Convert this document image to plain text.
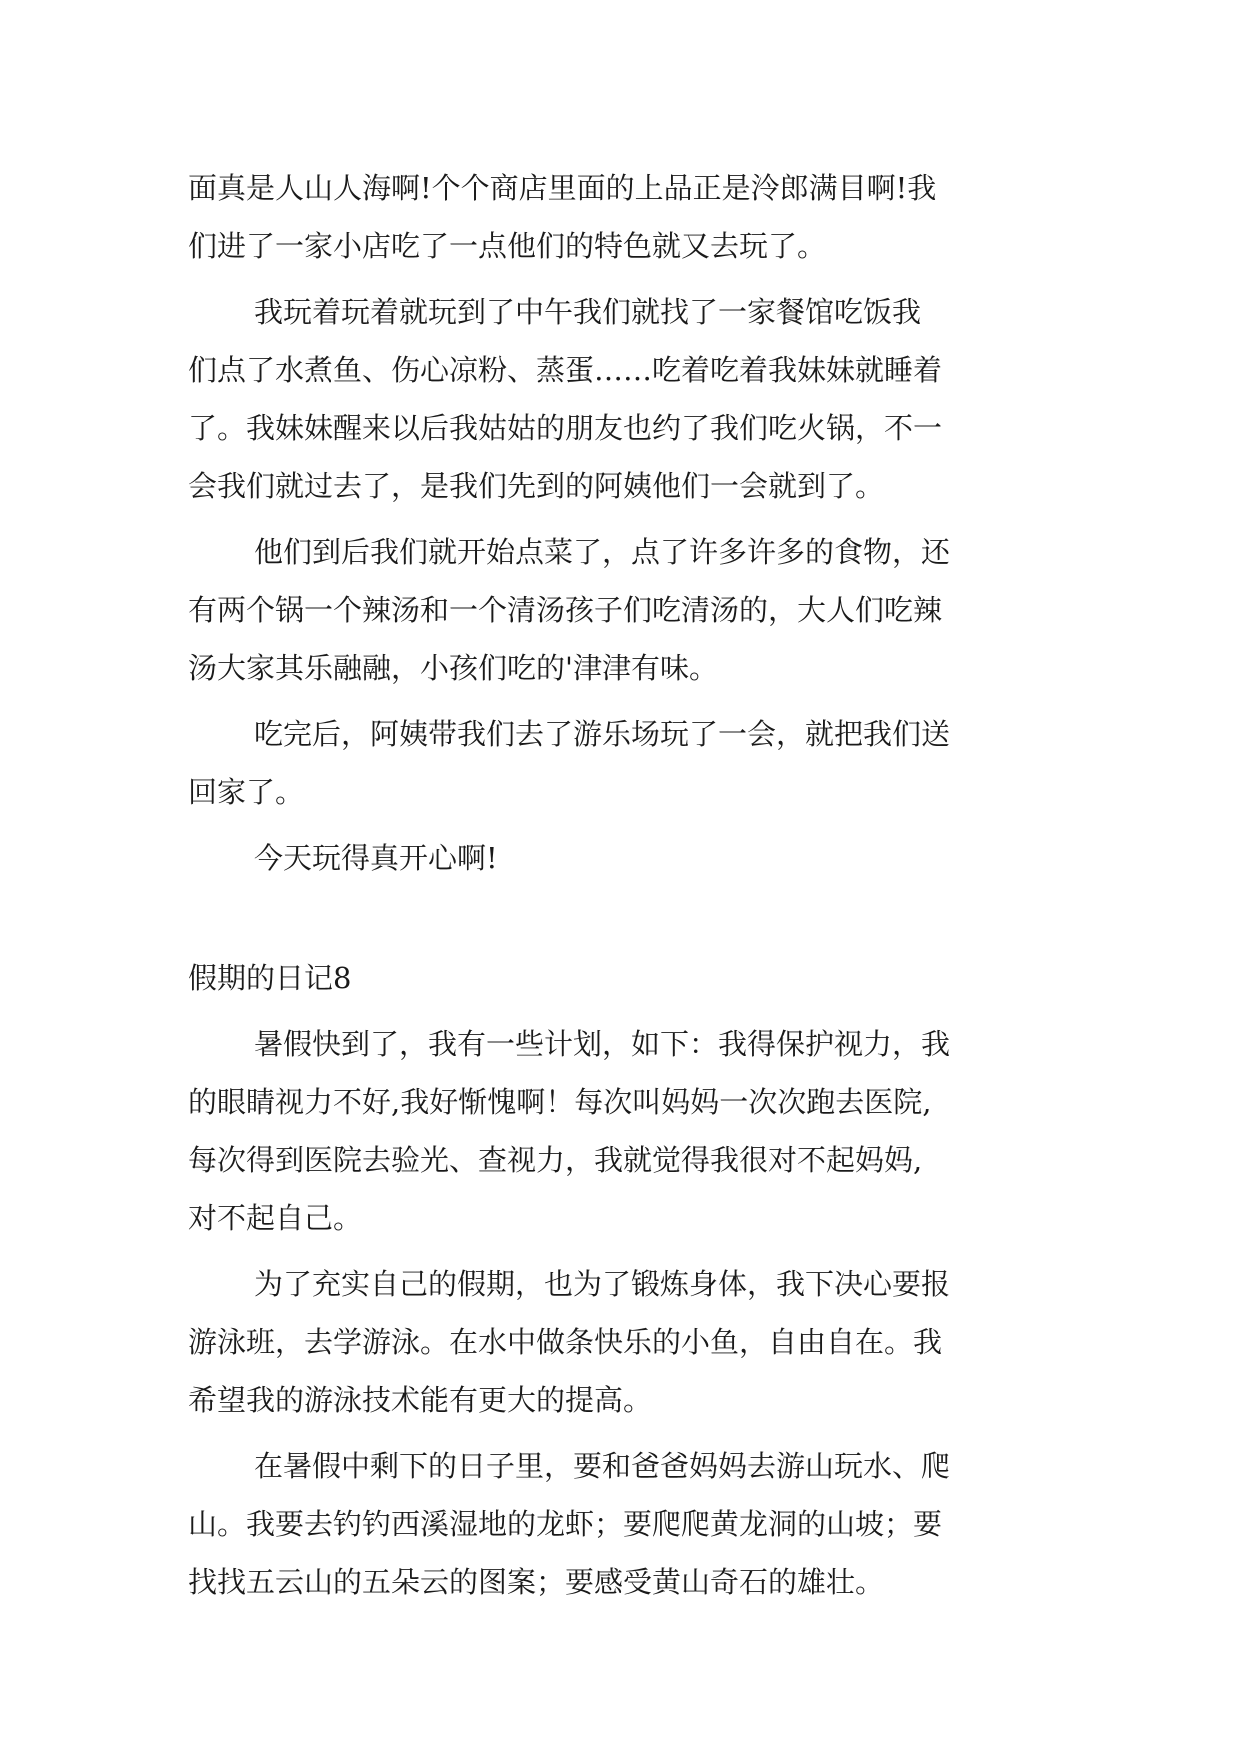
面真是人山人海啊!个个商店里面的上品正是泠郎满目啊!我
们进了一家小店吃了一点他们的特色就又去玩了。
我玩着玩着就玩到了中午我们就找了一家餐馆吃饭我
们点了水煮鱼、伤心凉粉、蒸蛋……吃着吃着我妹妹就睡着
了。我妹妹醒来以后我姑姑的朋友也约了我们吃火锅，不一
会我们就过去了，是我们先到的阿姨他们一会就到了。
他们到后我们就开始点菜了，点了许多许多的食物，还
有两个锅一个辣汤和一个清汤孩子们吃清汤的，大人们吃辣
汤大家其乐融融，小孩们吃的'津津有味。
吃完后，阿姨带我们去了游乐场玩了一会，就把我们送
回家了。
今天玩得真开心啊!
假期的日记8
暑假快到了，我有一些计划，如下：我得保护视力，我
的眼睛视力不好,我好惭愧啊！每次叫妈妈一次次跑去医院,
每次得到医院去验光、查视力，我就觉得我很对不起妈妈,
对不起自己。
为了充实自己的假期，也为了锻炼身体，我下决心要报
游泳班，去学游泳。在水中做条快乐的小鱼，自由自在。我
希望我的游泳技术能有更大的提高。
在暑假中剩下的日子里，要和爸爸妈妈去游山玩水、爬
山。我要去钓钓西溪湿地的龙虾；要爬爬黄龙洞的山坡；要
找找五云山的五朵云的图案；要感受黄山奇石的雄壮。
